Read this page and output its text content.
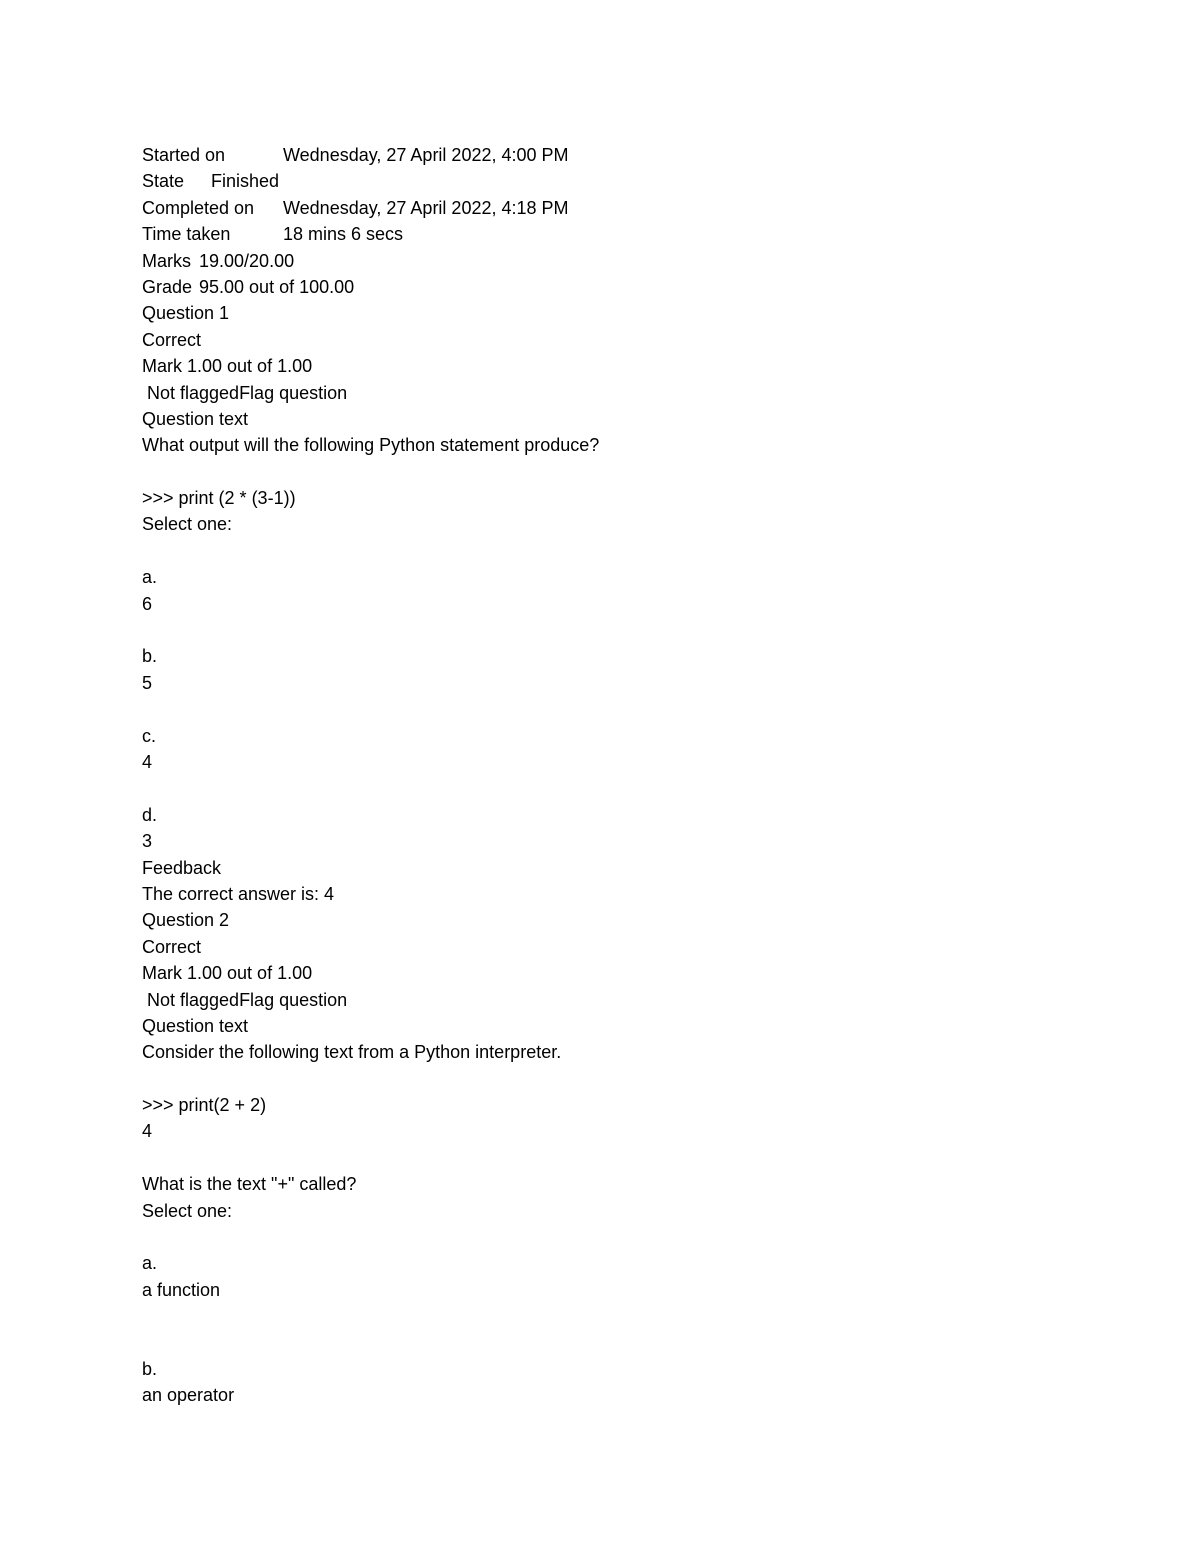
Started on	Wednesday, 27 April 2022, 4:00 PM
State Finished
Completed on Wednesday, 27 April 2022, 4:18 PM
Time taken	18 mins 6 secs
Marks 19.00/20.00
Grade 95.00 out of 100.00
Question 1
Correct
Mark 1.00 out of 1.00
Not flaggedFlag question
Question text
What output will the following Python statement produce?
>>> print (2 * (3-1))
Select one:
a.
6
b.
5
c.
4
d.
3
Feedback
The correct answer is: 4
Question 2
Correct
Mark 1.00 out of 1.00
Not flaggedFlag question
Question text
Consider the following text from a Python interpreter.
>>> print(2 + 2)
4
What is the text "+" called?
Select one:
a.
a function
b.
an operator
